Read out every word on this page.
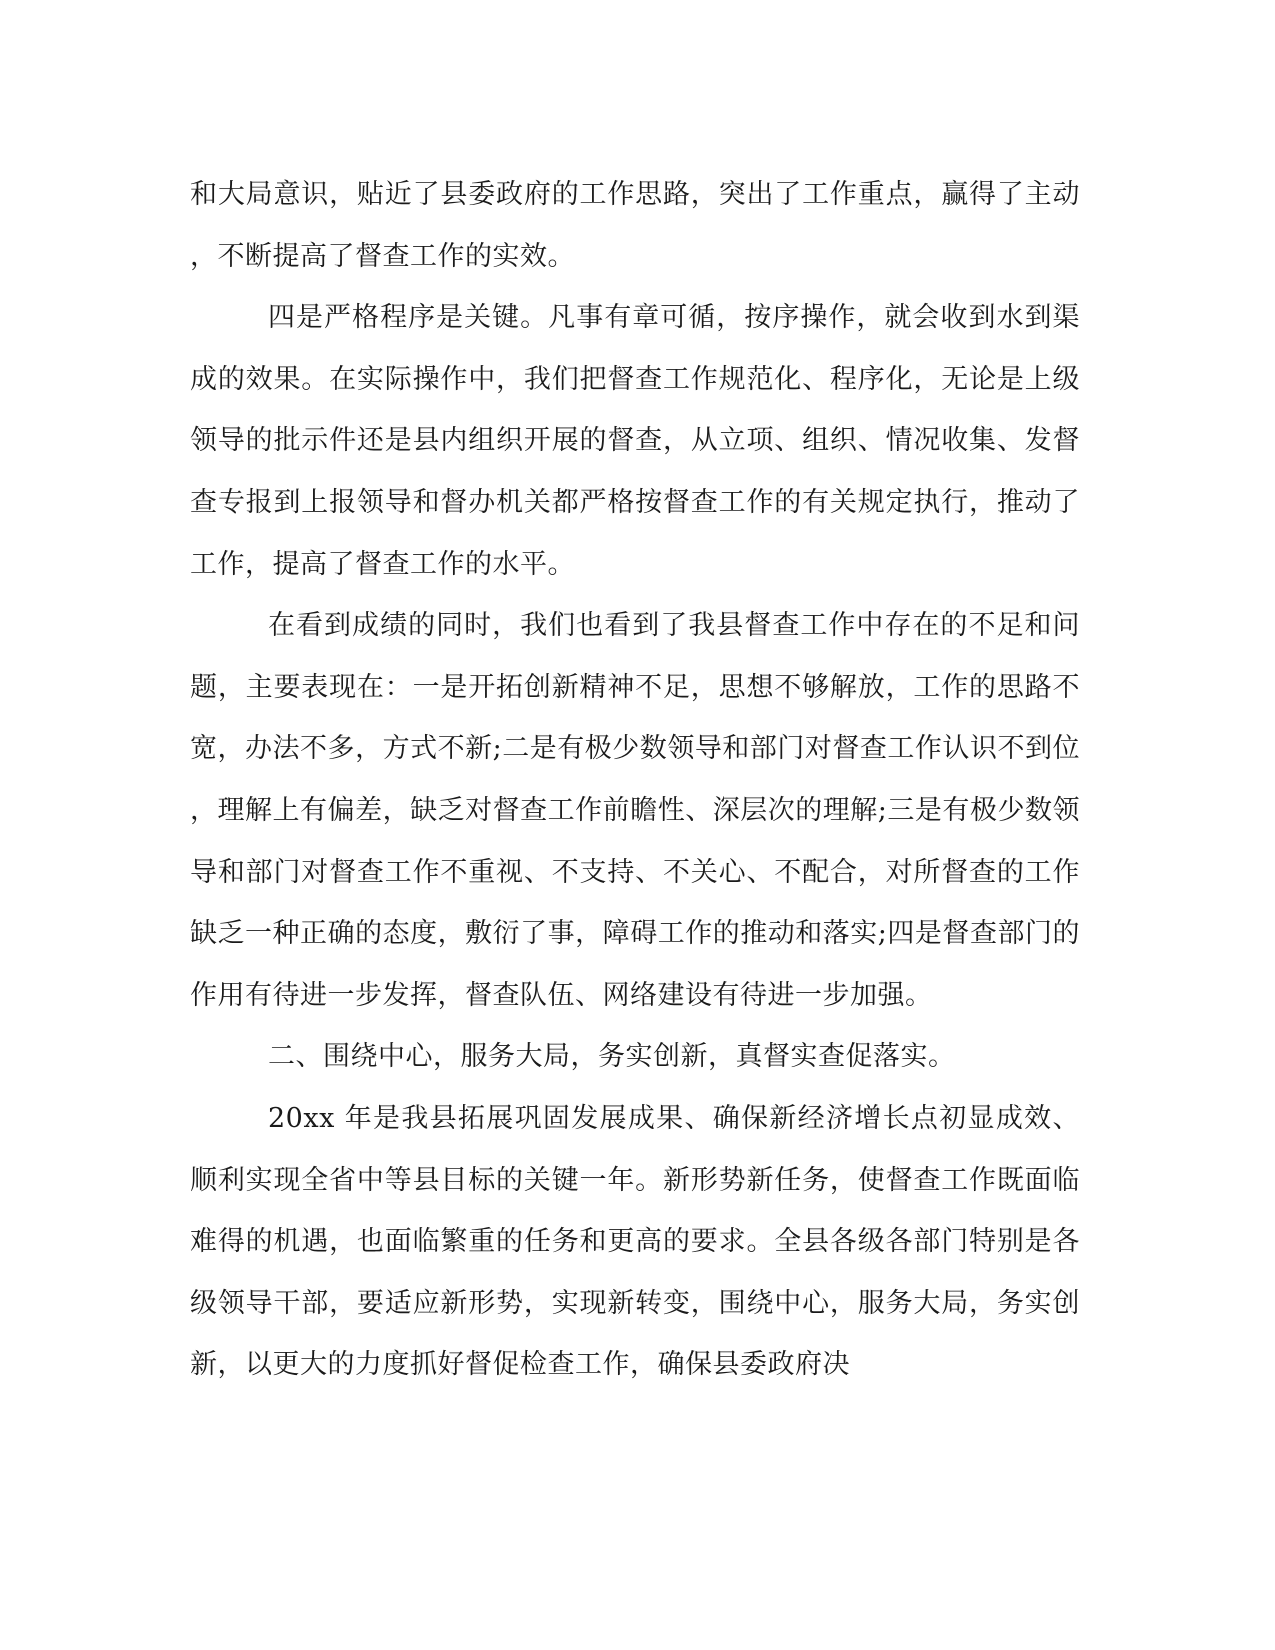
和大局意识，贴近了县委政府的工作思路，突出了工作重点，赢得了主动，不断提高了督查工作的实效。

四是严格程序是关键。凡事有章可循，按序操作，就会收到水到渠成的效果。在实际操作中，我们把督查工作规范化、程序化，无论是上级领导的批示件还是县内组织开展的督查，从立项、组织、情况收集、发督查专报到上报领导和督办机关都严格按督查工作的有关规定执行，推动了工作，提高了督查工作的水平。

在看到成绩的同时，我们也看到了我县督查工作中存在的不足和问题，主要表现在：一是开拓创新精神不足，思想不够解放，工作的思路不宽，办法不多，方式不新;二是有极少数领导和部门对督查工作认识不到位，理解上有偏差，缺乏对督查工作前瞻性、深层次的理解;三是有极少数领导和部门对督查工作不重视、不支持、不关心、不配合，对所督查的工作缺乏一种正确的态度，敷衍了事，障碍工作的推动和落实;四是督查部门的作用有待进一步发挥，督查队伍、网络建设有待进一步加强。

二、围绕中心，服务大局，务实创新，真督实查促落实。

20xx 年是我县拓展巩固发展成果、确保新经济增长点初显成效、顺利实现全省中等县目标的关键一年。新形势新任务，使督查工作既面临难得的机遇，也面临繁重的任务和更高的要求。全县各级各部门特别是各级领导干部，要适应新形势，实现新转变，围绕中心，服务大局，务实创新，以更大的力度抓好督促检查工作，确保县委政府决
